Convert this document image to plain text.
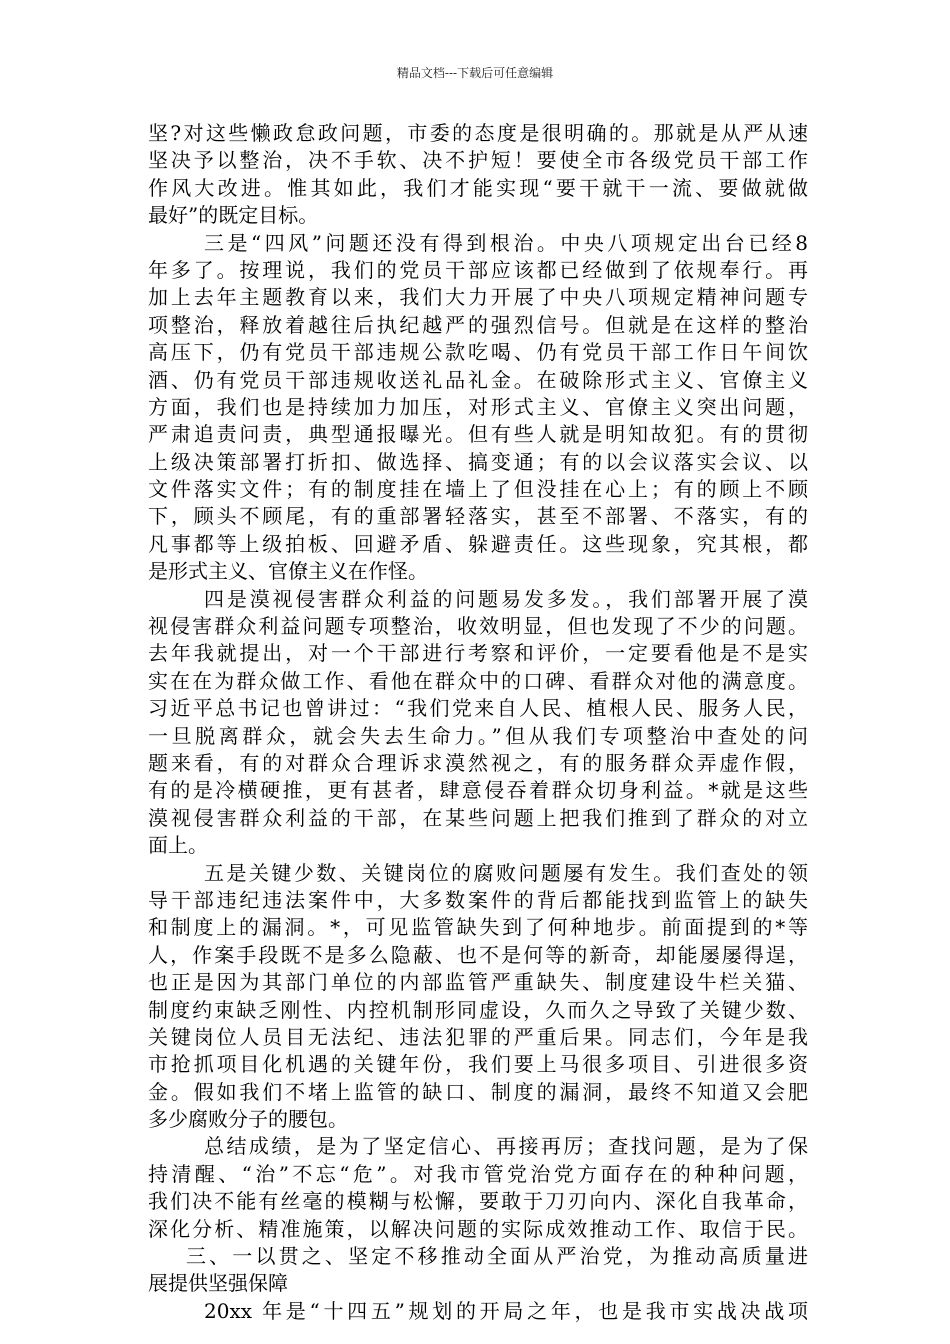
精品文档---下载后可任意编辑
坚?对这些懒政怠政问题，市委的态度是很明确的。那就是从严从速
坚决予以整治，决不手软、决不护短！要使全市各级党员干部工作
作风大改进。惟其如此，我们才能实现“要干就干一流、要做就做
最好”的既定目标。
三是“四风”问题还没有得到根治。中央八项规定出台已经8
年多了。按理说，我们的党员干部应该都已经做到了依规奉行。再
加上去年主题教育以来，我们大力开展了中央八项规定精神问题专
项整治，释放着越往后执纪越严的强烈信号。但就是在这样的整治
高压下，仍有党员干部违规公款吃喝、仍有党员干部工作日午间饮
酒、仍有党员干部违规收送礼品礼金。在破除形式主义、官僚主义
方面，我们也是持续加力加压，对形式主义、官僚主义突出问题，
严肃追责问责，典型通报曝光。但有些人就是明知故犯。有的贯彻
上级决策部署打折扣、做选择、搞变通；有的以会议落实会议、以
文件落实文件；有的制度挂在墙上了但没挂在心上；有的顾上不顾
下，顾头不顾尾，有的重部署轻落实，甚至不部署、不落实，有的
凡事都等上级拍板、回避矛盾、躲避责任。这些现象，究其根，都
是形式主义、官僚主义在作怪。
四是漠视侵害群众利益的问题易发多发。，我们部署开展了漠
视侵害群众利益问题专项整治，收效明显，但也发现了不少的问题。
去年我就提出，对一个干部进行考察和评价，一定要看他是不是实
实在在为群众做工作、看他在群众中的口碑、看群众对他的满意度。
习近平总书记也曾讲过：“我们党来自人民、植根人民、服务人民，
一旦脱离群众，就会失去生命力。”但从我们专项整治中查处的问
题来看，有的对群众合理诉求漠然视之，有的服务群众弄虚作假，
有的是冷横硬推，更有甚者，肆意侵吞着群众切身利益。*就是这些
漠视侵害群众利益的干部，在某些问题上把我们推到了群众的对立
面上。
五是关键少数、关键岗位的腐败问题屡有发生。我们查处的领
导干部违纪违法案件中，大多数案件的背后都能找到监管上的缺失
和制度上的漏洞。*，可见监管缺失到了何种地步。前面提到的*等
人，作案手段既不是多么隐蔽、也不是何等的新奇，却能屡屡得逞，
也正是因为其部门单位的内部监管严重缺失、制度建设牛栏关猫、
制度约束缺乏刚性、内控机制形同虚设，久而久之导致了关键少数、
关键岗位人员目无法纪、违法犯罪的严重后果。同志们，今年是我
市抢抓项目化机遇的关键年份，我们要上马很多项目、引进很多资
金。假如我们不堵上监管的缺口、制度的漏洞，最终不知道又会肥
多少腐败分子的腰包。
总结成绩，是为了坚定信心、再接再厉；查找问题，是为了保
持清醒、“治”不忘“危”。对我市管党治党方面存在的种种问题，
我们决不能有丝毫的模糊与松懈，要敢于刀刃向内、深化自我革命，
深化分析、精准施策，以解决问题的实际成效推动工作、取信于民。
三、一以贯之、坚定不移推动全面从严治党，为推动高质量进
展提供坚强保障
20xx 年是“十四五”规划的开局之年，也是我市实战决战项
